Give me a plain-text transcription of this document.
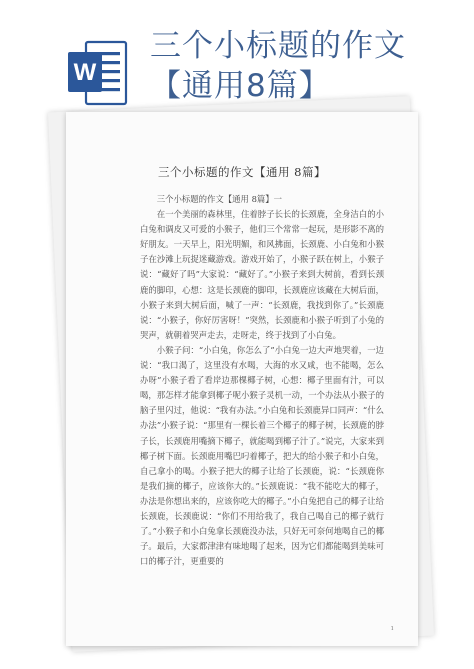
W
三个小标题的作文
【通用8篇】
三个小标题的作文【通用 8篇】

三个小标题的作文【通用 8篇】一

在一个美丽的森林里，住着脖子长长的长颈鹿，全身洁白的小白兔和调皮又可爱的小猴子，他们三个常常一起玩，是形影不离的好朋友。一天早上，阳光明媚，和风拂面，长颈鹿、小白兔和小猴子在沙滩上玩捉迷藏游戏。游戏开始了，小猴子跃在树上，小猴子说：“藏好了吗”大家说：“藏好了。”小猴子来到大树前，看到长颈鹿的脚印，心想：这是长颈鹿的脚印，长颈鹿应该藏在大树后面，小猴子来到大树后面，喊了一声：“长颈鹿，我找到你了。”长颈鹿说：“小猴子，你好厉害呀！”突然，长颈鹿和小猴子听到了小兔的哭声，就朝着哭声走去，走呀走，终于找到了小白兔。

小猴子问：“小白兔，你怎么了”小白兔一边大声地哭着，一边说：“我口渴了，这里没有水喝，大海的水又咸，也不能喝，怎么办呀”小猴子看了看岸边那棵椰子树，心想：椰子里面有汁，可以喝，那怎样才能拿到椰子呢小猴子灵机一动，一个办法从小猴子的脑子里闪过，他说：“我有办法。”小白兔和长颈鹿异口同声：“什么办法”小猴子说：“那里有一棵长着三个椰子的椰子树，长颈鹿的脖子长，长颈鹿用嘴摘下椰子，就能喝到椰子汁了。”说完，大家来到椰子树下面。长颈鹿用嘴巴叼着椰子，把大的给小猴子和小白兔，自己拿小的喝。小猴子把大的椰子让给了长颈鹿，说：“长颈鹿你是我们摘的椰子，应该你大的。”长颈鹿说：“我不能吃大的椰子，办法是你想出来的，应该你吃大的椰子。”小白兔把自己的椰子让给长颈鹿，长颈鹿说：“你们不用给我了，我自己喝自己的椰子就行了。”小猴子和小白兔拿长颈鹿没办法，只好无可奈何地喝自己的椰子。最后，大家都津津有味地喝了起来，因为它们都能喝到美味可口的椰子汁，更重要的

1
